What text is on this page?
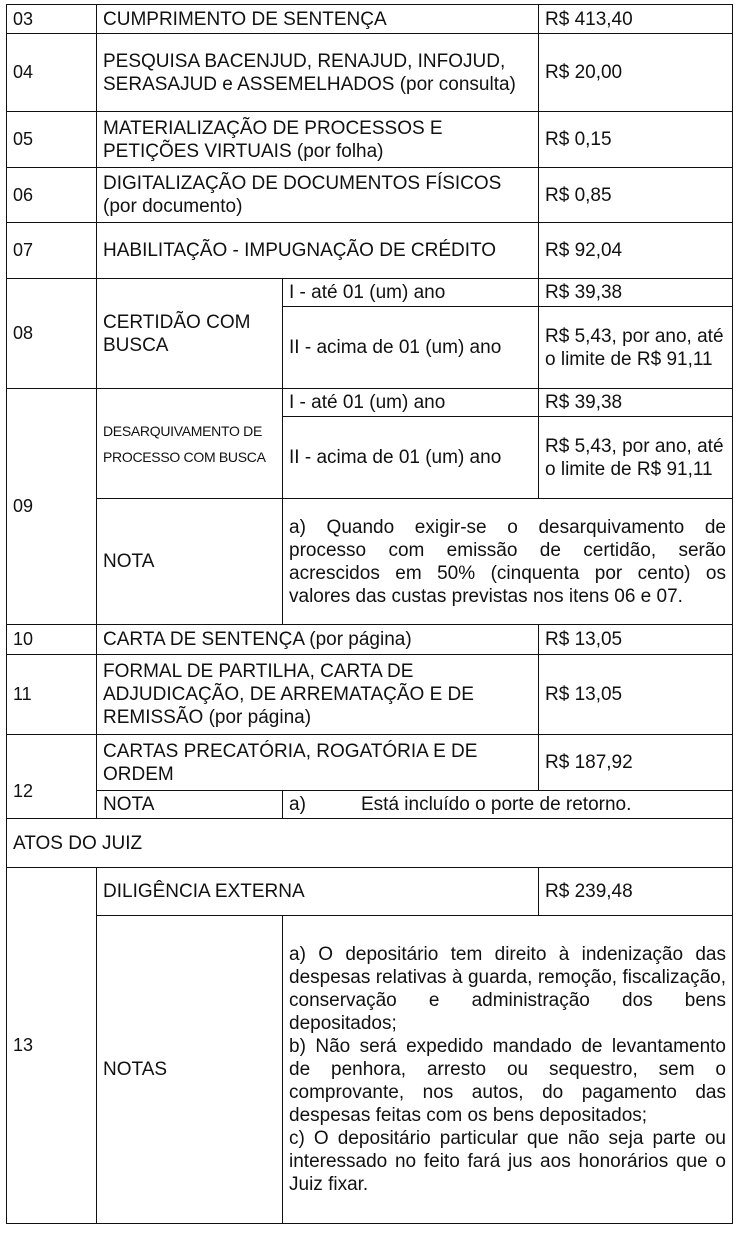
03	CUMPRIMENTO DE SENTENÇA		R$ 413,40
04	PESQUISA BACENJUD, RENAJUD, INFOJUD, SERASAJUD e ASSEMELHADOS (por consulta)		R$ 20,00
05	MATERIALIZAÇÃO DE PROCESSOS E PETIÇÕES VIRTUAIS (por folha)		R$ 0,15
06	DIGITALIZAÇÃO DE DOCUMENTOS FÍSICOS (por documento)		R$ 0,85
07	HABILITAÇÃO - IMPUGNAÇÃO DE CRÉDITO		R$ 92,04
08	CERTIDÃO COM BUSCA	I - até 01 (um) ano	R$ 39,38
		II - acima de 01 (um) ano	R$ 5,43, por ano, até o limite de R$ 91,11
09	DESARQUIVAMENTO DE PROCESSO COM BUSCA	I - até 01 (um) ano	R$ 39,38
		II - acima de 01 (um) ano	R$ 5,43, por ano, até o limite de R$ 91,11
	NOTA	a) Quando exigir-se o desarquivamento de processo com emissão de certidão, serão acrescidos em 50% (cinquenta por cento) os valores das custas previstas nos itens 06 e 07.	
10	CARTA DE SENTENÇA (por página)		R$ 13,05
11	FORMAL DE PARTILHA, CARTA DE ADJUDICAÇÃO, DE ARREMATAÇÃO E DE REMISSÃO (por página)		R$ 13,05
12	CARTAS PRECATÓRIA, ROGATÓRIA E DE ORDEM		R$ 187,92
	NOTA	a) Está incluído o porte de retorno.	
ATOS DO JUIZ			
13	DILIGÊNCIA EXTERNA		R$ 239,48
	NOTAS	a) O depositário tem direito à indenização das despesas relativas à guarda, remoção, fiscalização, conservação e administração dos bens depositados;
b) Não será expedido mandado de levantamento de penhora, arresto ou sequestro, sem o comprovante, nos autos, do pagamento das despesas feitas com os bens depositados;
c) O depositário particular que não seja parte ou interessado no feito fará jus aos honorários que o Juiz fixar.	
